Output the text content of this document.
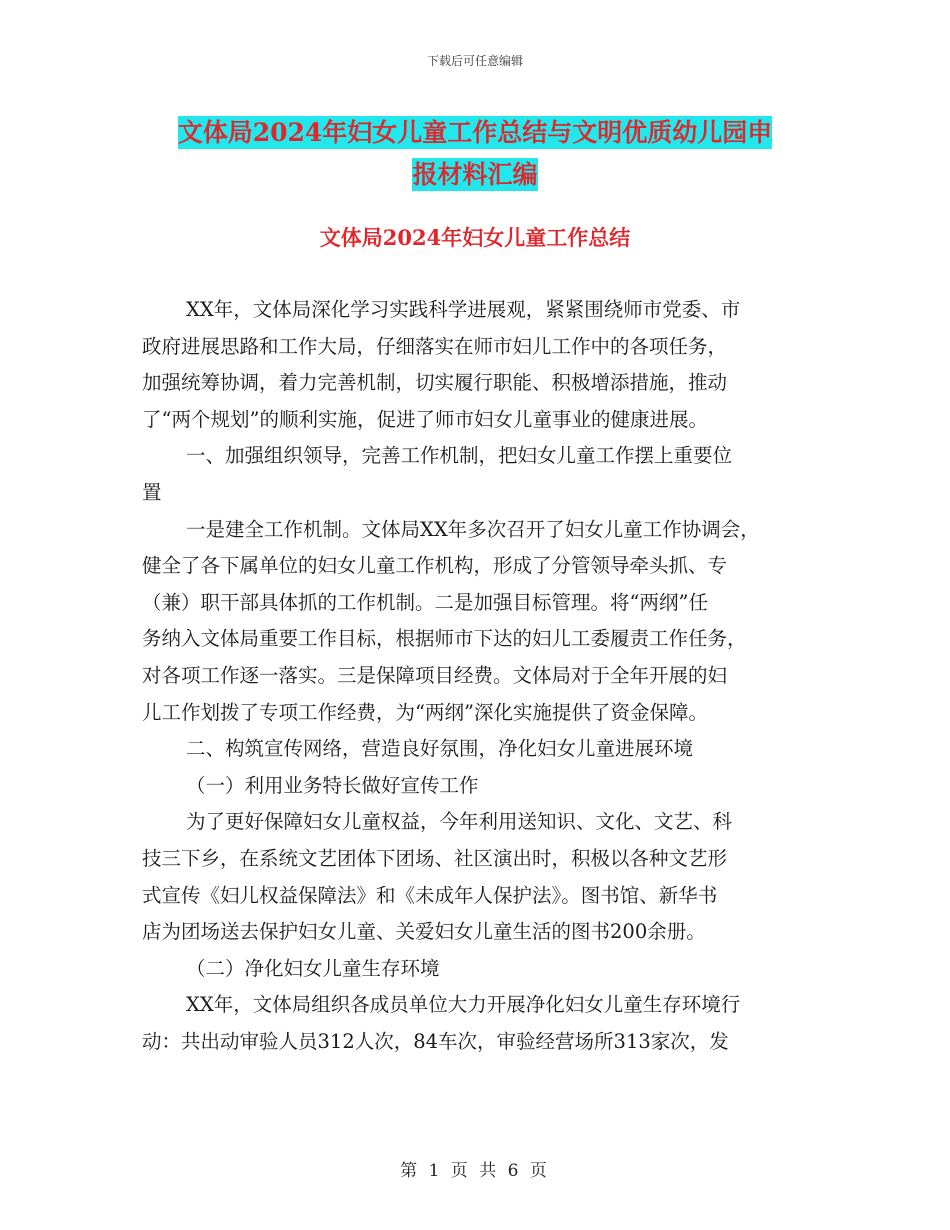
下载后可任意编辑
文体局2024年妇女儿童工作总结与文明优质幼儿园申
报材料汇编
文体局2024年妇女儿童工作总结
XX年，文体局深化学习实践科学进展观，紧紧围绕师市党委、市
政府进展思路和工作大局，仔细落实在师市妇儿工作中的各项任务，
加强统筹协调，着力完善机制，切实履行职能、积极增添措施，推动
了“两个规划”的顺利实施，促进了师市妇女儿童事业的健康进展。
一、加强组织领导，完善工作机制，把妇女儿童工作摆上重要位
置
一是建全工作机制。文体局XX年多次召开了妇女儿童工作协调会，
健全了各下属单位的妇女儿童工作机构，形成了分管领导牵头抓、专
（兼）职干部具体抓的工作机制。二是加强目标管理。将“两纲”任
务纳入文体局重要工作目标，根据师市下达的妇儿工委履责工作任务，
对各项工作逐一落实。三是保障项目经费。文体局对于全年开展的妇
儿工作划拨了专项工作经费，为“两纲”深化实施提供了资金保障。
二、构筑宣传网络，营造良好氛围，净化妇女儿童进展环境
（一）利用业务特长做好宣传工作
为了更好保障妇女儿童权益，今年利用送知识、文化、文艺、科
技三下乡，在系统文艺团体下团场、社区演出时，积极以各种文艺形
式宣传《妇儿权益保障法》和《未成年人保护法》。图书馆、新华书
店为团场送去保护妇女儿童、关爱妇女儿童生活的图书200余册。
（二）净化妇女儿童生存环境
XX年，文体局组织各成员单位大力开展净化妇女儿童生存环境行
动：共出动审验人员312人次，84车次，审验经营场所313家次，发
第 1 页 共 6 页
